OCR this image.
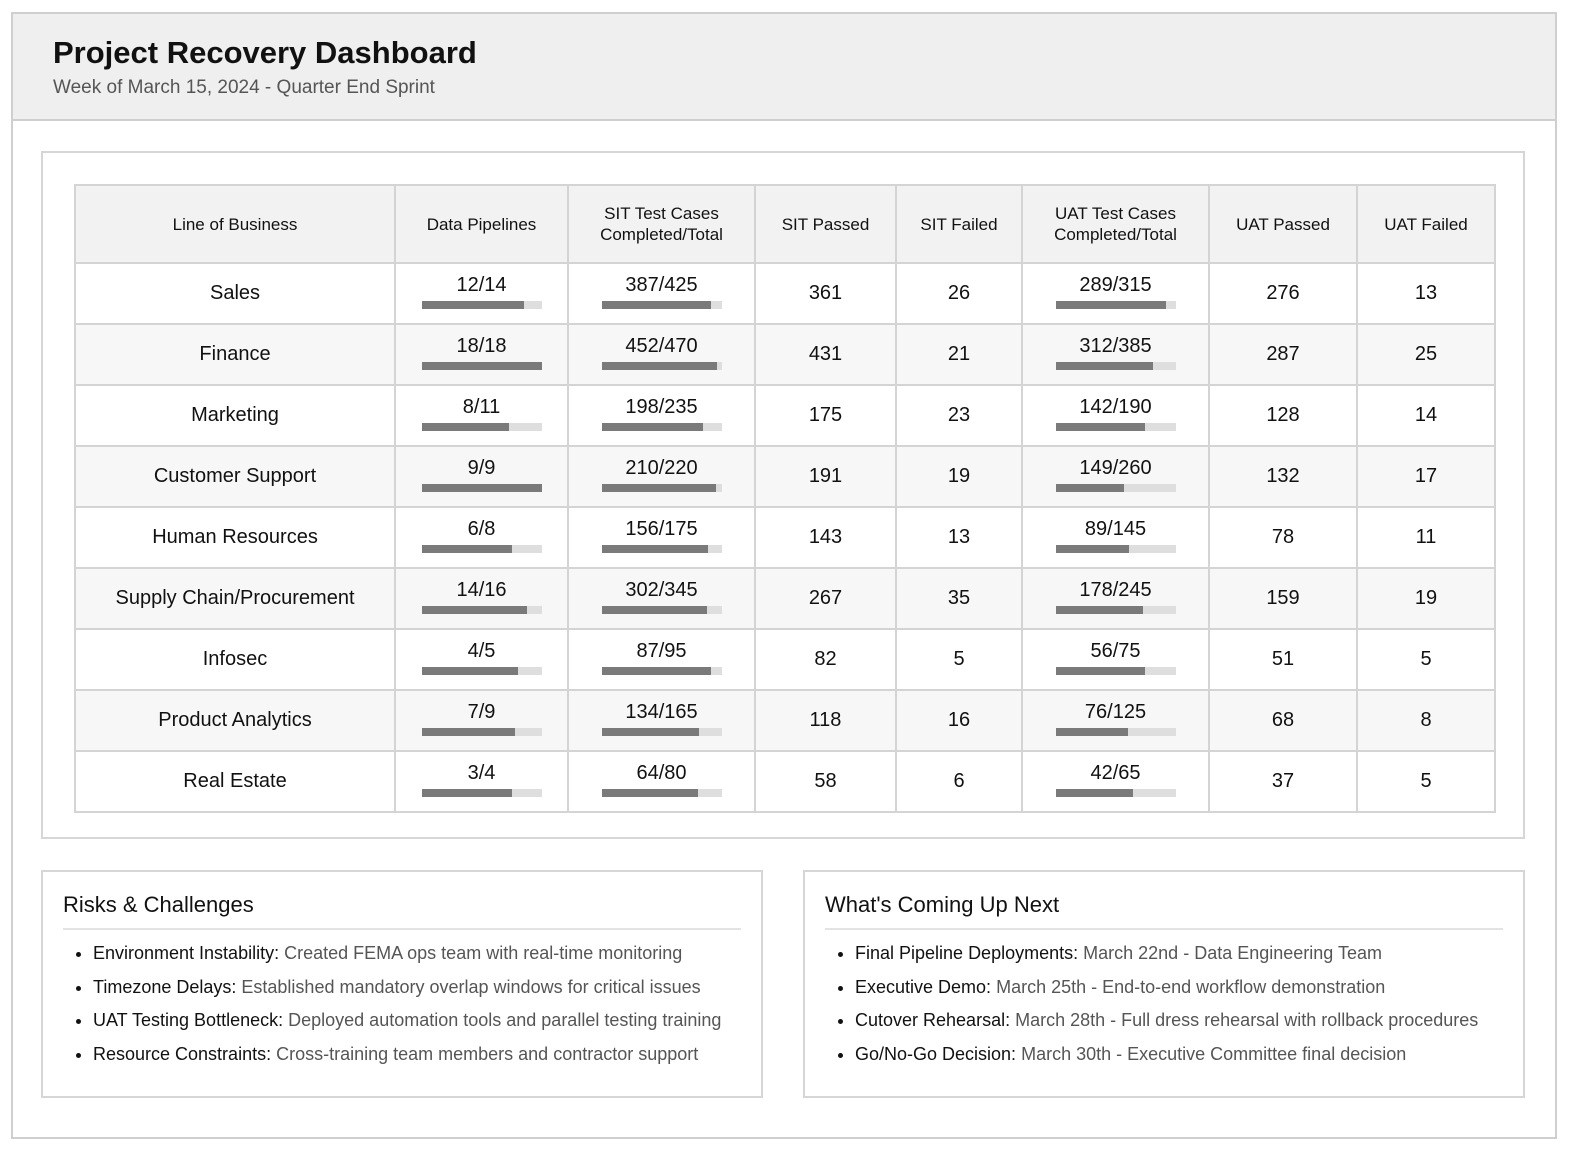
Project Recovery Dashboard
Week of March 15, 2024 - Quarter End Sprint
Line of Business	Data Pipelines	SIT Test Cases Completed/Total	SIT Passed	SIT Failed	UAT Test Cases Completed/Total	UAT Passed	UAT Failed
Sales	12/14	387/425	361	26	289/315	276	13
Finance	18/18	452/470	431	21	312/385	287	25
Marketing	8/11	198/235	175	23	142/190	128	14
Customer Support	9/9	210/220	191	19	149/260	132	17
Human Resources	6/8	156/175	143	13	89/145	78	11
Supply Chain/Procurement	14/16	302/345	267	35	178/245	159	19
Infosec	4/5	87/95	82	5	56/75	51	5
Product Analytics	7/9	134/165	118	16	76/125	68	8
Real Estate	3/4	64/80	58	6	42/65	37	5
Risks & Challenges
• Environment Instability: Created FEMA ops team with real-time monitoring
• Timezone Delays: Established mandatory overlap windows for critical issues
• UAT Testing Bottleneck: Deployed automation tools and parallel testing training
• Resource Constraints: Cross-training team members and contractor support
What's Coming Up Next
• Final Pipeline Deployments: March 22nd - Data Engineering Team
• Executive Demo: March 25th - End-to-end workflow demonstration
• Cutover Rehearsal: March 28th - Full dress rehearsal with rollback procedures
• Go/No-Go Decision: March 30th - Executive Committee final decision
